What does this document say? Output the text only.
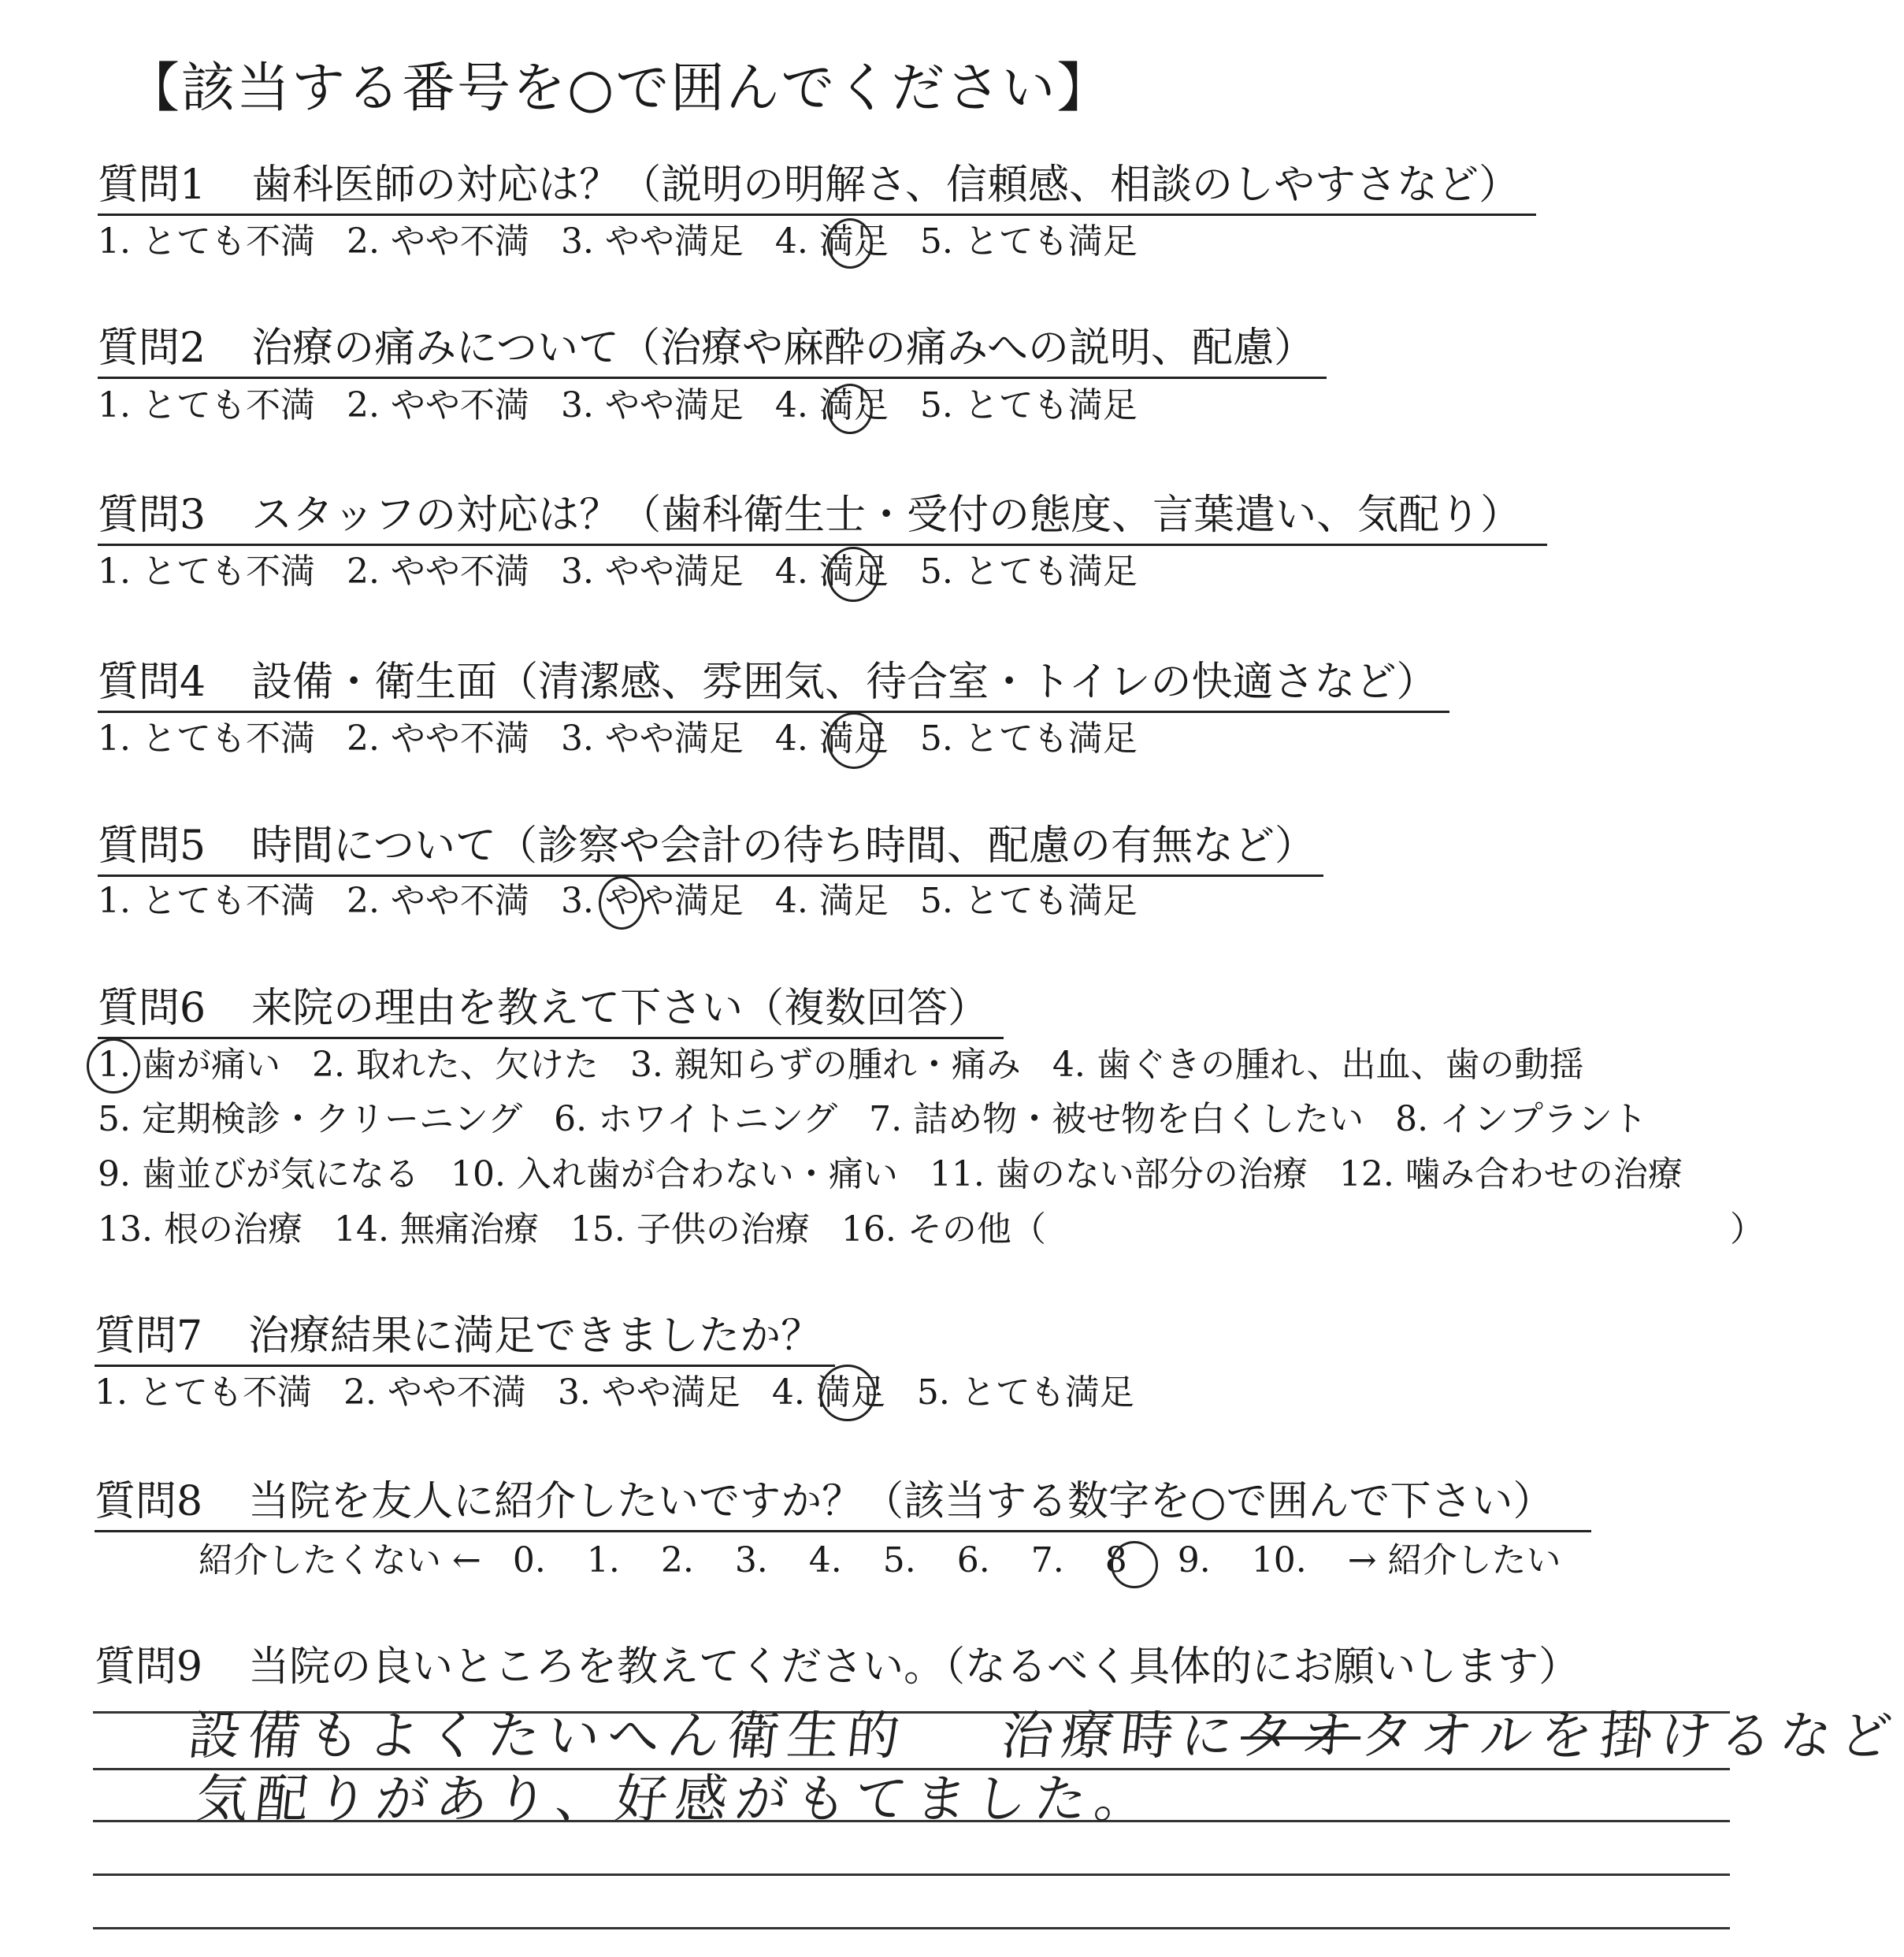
【該当する番号を○で囲んでください】
質問1 歯科医師の対応は？（説明の明解さ、信頼感、相談のしやすさなど）
1. とても不満 2. やや不満 3. やや満足 4. 満足 5. とても満足
質問2 治療の痛みについて（治療や麻酔の痛みへの説明、配慮）
1. とても不満 2. やや不満 3. やや満足 4. 満足 5. とても満足
質問3 スタッフの対応は？（歯科衛生士・受付の態度、言葉遣い、気配り）
1. とても不満 2. やや不満 3. やや満足 4. 満足 5. とても満足
質問4 設備・衛生面（清潔感、雰囲気、待合室・トイレの快適さなど）
1. とても不満 2. やや不満 3. やや満足 4. 満足 5. とても満足
質問5 時間について（診察や会計の待ち時間、配慮の有無など）
1. とても不満 2. やや不満 3. やや満足 4. 満足 5. とても満足
質問6 来院の理由を教えて下さい（複数回答）
1. 歯が痛い 2. 取れた、欠けた 3. 親知らずの腫れ・痛み 4. 歯ぐきの腫れ、出血、歯の動揺
5. 定期検診・クリーニング 6. ホワイトニング 7. 詰め物・被せ物を白くしたい 8. インプラント
9. 歯並びが気になる 10. 入れ歯が合わない・痛い 11. 歯のない部分の治療 12. 噛み合わせの治療
13. 根の治療 14. 無痛治療 15. 子供の治療 16. その他（	）
質問7 治療結果に満足できましたか？
1. とても不満 2. やや不満 3. やや満足 4. 満足 5. とても満足
質問8 当院を友人に紹介したいですか？（該当する数字を○で囲んで下さい）
紹介したくない ← 0. 1. 2. 3. 4. 5. 6. 7. 8 9. 10. → 紹介したい
質問9 当院の良いところを教えてください。（なるべく具体的にお願いします）
設備もよくたいへん衛生的 治療時にタオタオルを掛けるなど
気配りがあり、好感がもてました。
